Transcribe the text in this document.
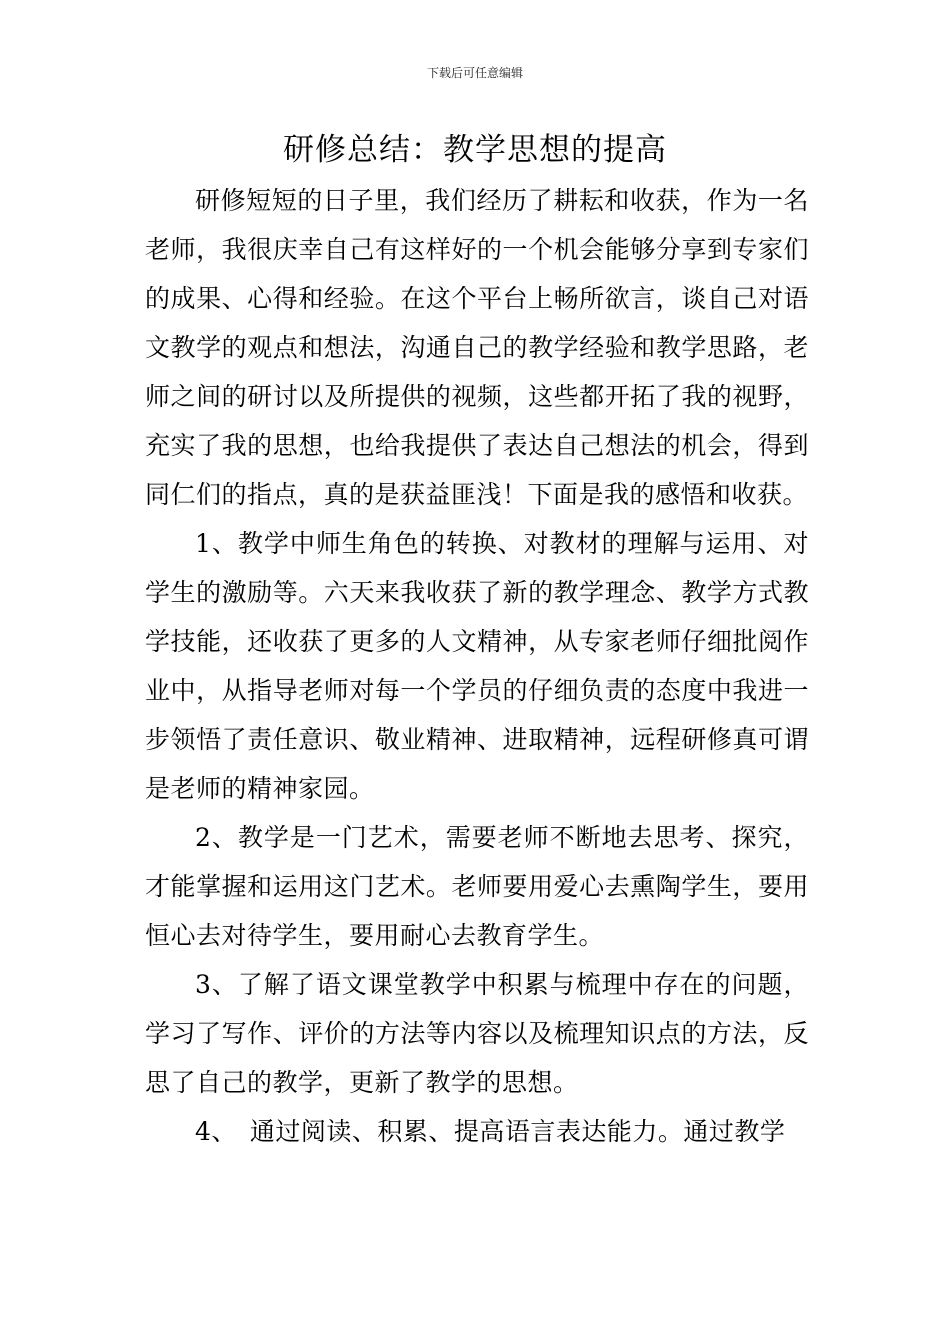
下载后可任意编辑
研修总结：教学思想的提高

研修短短的日子里，我们经历了耕耘和收获，作为一名老师，我很庆幸自己有这样好的一个机会能够分享到专家们的成果、心得和经验。在这个平台上畅所欲言，谈自己对语文教学的观点和想法，沟通自己的教学经验和教学思路，老师之间的研讨以及所提供的视频，这些都开拓了我的视野，充实了我的思想，也给我提供了表达自己想法的机会，得到同仁们的指点，真的是获益匪浅！下面是我的感悟和收获。

1、教学中师生角色的转换、对教材的理解与运用、对学生的激励等。六天来我收获了新的教学理念、教学方式教学技能，还收获了更多的人文精神，从专家老师仔细批阅作业中，从指导老师对每一个学员的仔细负责的态度中我进一步领悟了责任意识、敬业精神、进取精神，远程研修真可谓是老师的精神家园。

2、教学是一门艺术，需要老师不断地去思考、探究，才能掌握和运用这门艺术。老师要用爱心去熏陶学生，要用恒心去对待学生，要用耐心去教育学生。

3、了解了语文课堂教学中积累与梳理中存在的问题，学习了写作、评价的方法等内容以及梳理知识点的方法，反思了自己的教学，更新了教学的思想。

4、　通过阅读、积累、提高语言表达能力。通过教学
